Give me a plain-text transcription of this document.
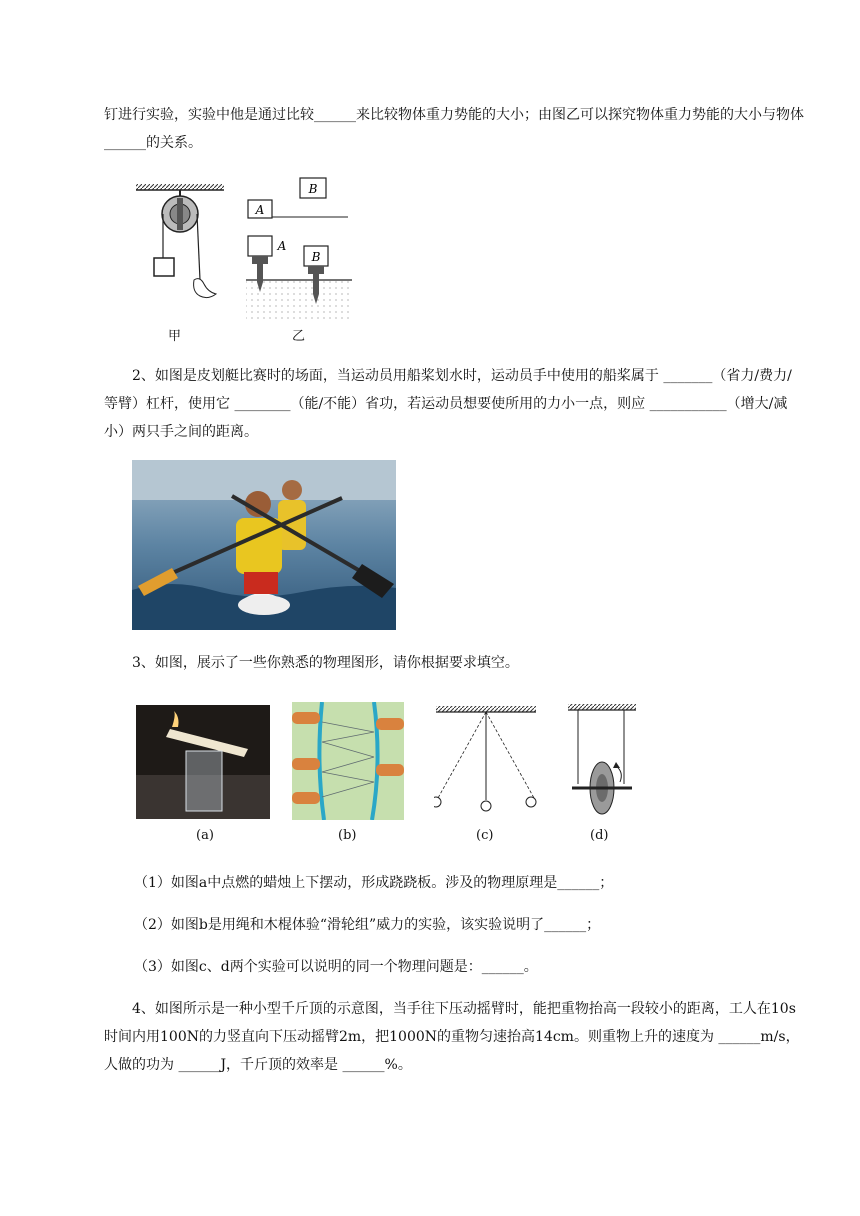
钉进行实验，实验中他是通过比较______来比较物体重力势能的大小；由图乙可以探究物体重力势能的大小与物体______的关系。

B
A
A
B
甲	乙

2、如图是皮划艇比赛时的场面，当运动员用船桨划水时，运动员手中使用的船桨属于 _______（省力/费力/等臂）杠杆，使用它 ________（能/不能）省功，若运动员想要使所用的力小一点，则应 ___________（增大/减小）两只手之间的距离。

3、如图，展示了一些你熟悉的物理图形，请你根据要求填空。

(a)	(b)	(c)	(d)

（1）如图a中点燃的蜡烛上下摆动，形成跷跷板。涉及的物理原理是______；

（2）如图b是用绳和木棍体验“滑轮组”威力的实验，该实验说明了______；

（3）如图c、d两个实验可以说明的同一个物理问题是：______。

4、如图所示是一种小型千斤顶的示意图，当手往下压动摇臂时，能把重物抬高一段较小的距离，工人在10s时间内用100N的力竖直向下压动摇臂2m，把1000N的重物匀速抬高14cm。则重物上升的速度为 ______m/s，人做的功为 ______J，千斤顶的效率是 ______%。
